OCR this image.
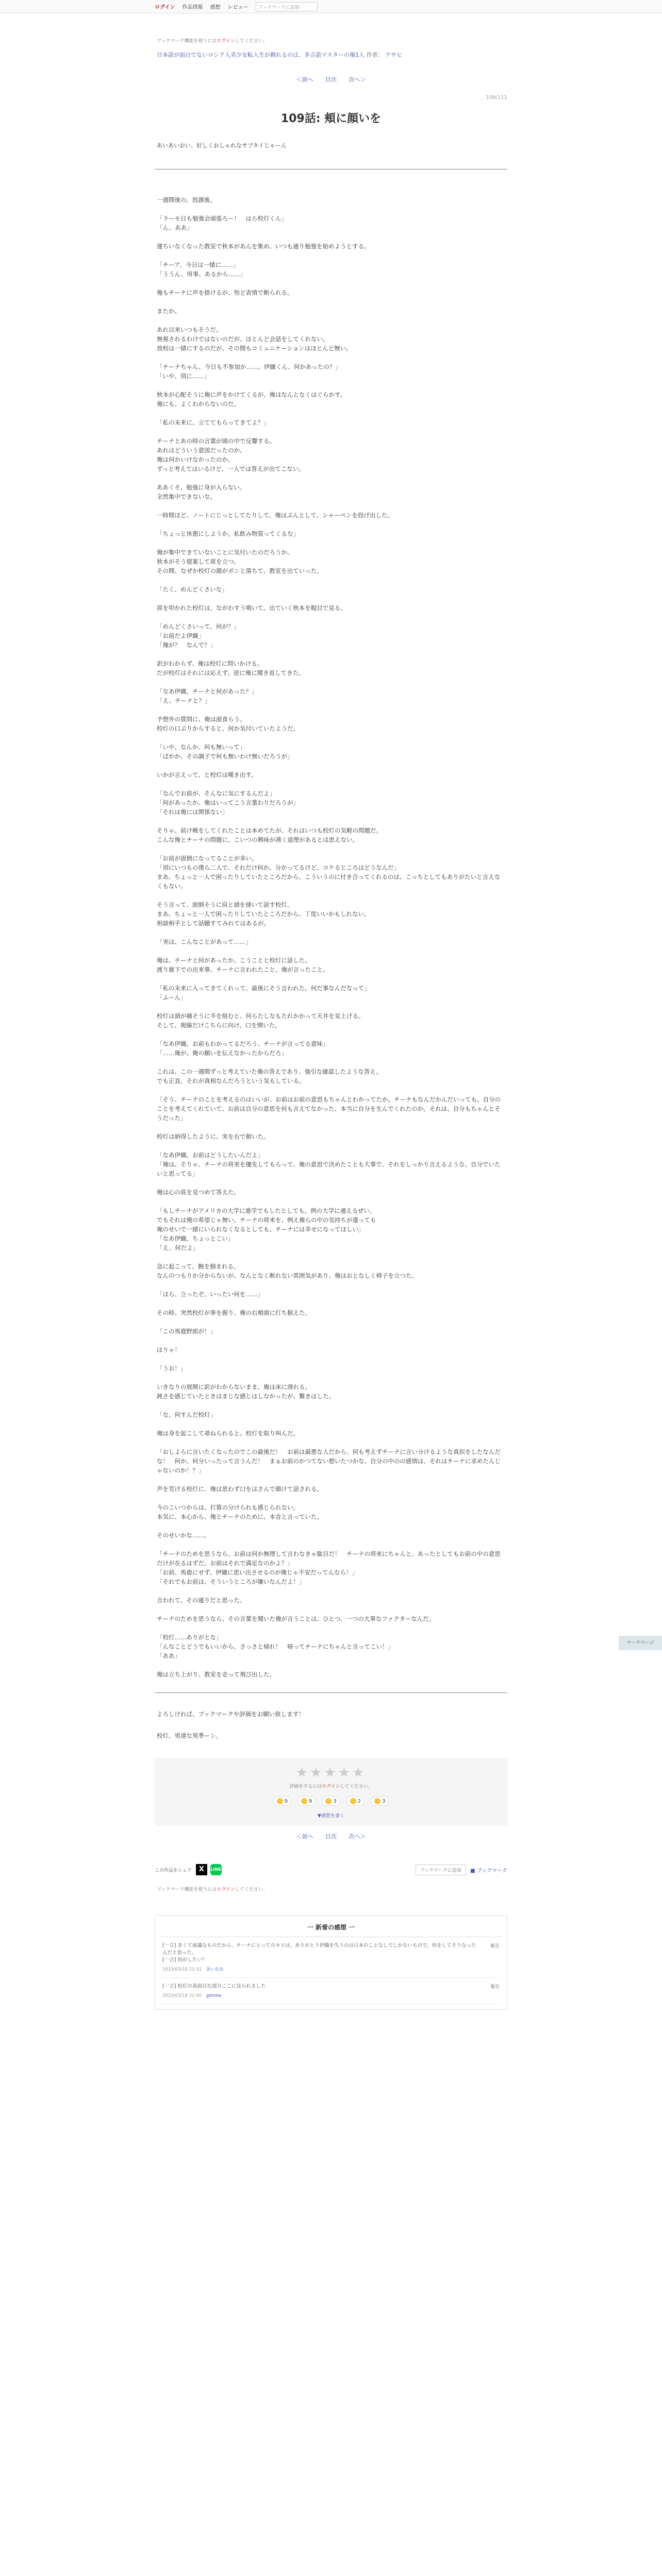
ログイン 作品情報 感想 レビュー	ブックマークに追加
ブックマーク機能を使うにはログインしてください。
日本語が面白でないロシア人美少女転入生が頼れるのは、多言語マスターの俺1人 作者： アサヒ
＜前へ 目次 次へ＞
109/111
109話: 頬に顔いを
あいあいおい、好しくおしゃれなサブタイじゃーん

一週間後の、放課後。

「ラーモ日も勉強会頑張ろー！　はら校灯くん」
「ん、ああ」

運ちいなくなった教室で秋本があんを集め、いつも通り勉強を始めようとする。

「チーア、今日は一緒に……」
「ううん、用事、あるから……」

俺もチーナに声を掛けるが、殆ど表情で断られる。

またか。

あれ以来いつもそうだ。
無視されるわけではないのだが、ほとんど会話をしてくれない。
放校は一緒にするのだが、その間もコミュニケーションはほとんど無い。

「チーナちゃん、今日も不参加か……。伊織くん、何かあったの？」
「いや、別に……」

秋本が心配そうに俺に声をかけてくるが、俺はなんとなくはぐらかす。
俺にも、よくわからないのだ。

「私の未来に、立ててもらってきてよ？」

チーナとあの時の言葉が頭の中で反響する。
あれはどういう意図だったのか。
俺は何かいけなかったのか。
ずっと考えてはいるけど、一人では答えが出てこない。

ああくそ、勉強に身が入らない。
全然集中できないな。

一時間ほど、ノートにじっとしてたりして、俺はぷんとして、シャーペンを投げ出した。

「ちょっと休憩にしようか。私飲み物買ってくるな」

俺が集中できていないことに気付いたのだろうか。
秋本がそう提案して席を立つ。
その間、なぜか校灯の顔がポンと落ちて、教室を出ていった。

「たく、めんどくさいな」

席を叩かれた校灯は、ながわすう鳴いて、出ていく秋本を睨目で見る。

「めんどくさいって、何が？」
「お前だよ伊織」
「俺が？　なんで？」

訳がわからず、俺は校灯に問いかける。
だが校灯はそれには応えず、逆に俺に聞き返してきた。

「なあ伊織、チーナと何があった？」
「え、チーナと？」

予想外の質問に、俺は面食らう。
校灯の口ぶりからすると、何か気付いていたようだ。

「いや、なんか、何も無いって」
「ばかか、その調子で何も無いわけ無いだろうが」

いかが言えって、と校灯は嘆き出す。

「なんでお前が、そんなに気にするんだよ」
「何があったか、俺はいってこう言葉わりだろうが」
「それは俺には関係ない」

そりゃ、前け戦をしてくれたことは本めてたが、それはいつも校灯の気軽の問題だ。
こんな俺とチーナの問題に、こいつの興味が湧く道理があるとは思えない。

「お前が面倒になってることが多い。
「別にいつもの僕ら二人で、それだけ何か、分かってるけど、コケるところはどうなんだ」
まあ、ちょっと一人で困ったりしていたところだから、こういうのに付き合ってくれるのは、こっちとしてもありがたいと言えなくもない。

そう言って、面倒そうに肩と頭を掻いて話す校灯。
まあ、ちょっと一人で困ったりしていたところだから、丁度いいかもしれない。
相談相手として話聴すてみれてはあるが。

「実は、こんなことがあって……」

俺は、チーナと何があったか、こうことと校灯に話した。
渡り廊下での出来事、チーナに言われたこと、俺が言ったこと。

「私の未来に入ってきてくれって、最後にそう言われた。何だ事なんだなって」
「ふーん」

校灯は頭が痛そうに手を組むと、何らたしなもたれかかって天井を見上げる。
そして、視線だけこちらに向け、口を開いた。

「なあ伊織、お前もわかってるだろう、チーナが言ってる意味」
「……俺が、俺の願いを伝えなかったからだろ」

これは、この一週間ずっと考えていた俺の答えであり、強引な確認したような答え。
でも正直、それが真相なんだろうという気もしている。

「そう、チーナのことを考えるのはいいが、お前はお前の意思もちゃんとわかってたか。チーナもなんだかんだいっても、自分のことを考えてくれていて、お前は自分の意思を何も言えてなかった、本当に自分を生んでくれたのか。それは、自分もちゃんとそうだった」

校灯は納得したように、実を右で俯いた。

「なあ伊織。お前はどうしたいんだよ」
「俺は、そりゃ、チーナの将来を優先してもらって、俺の意思で決めたことも大事で、それをしっかり言えるような、自分でいたいと思ってる」

俺は心の底を見つめて答えた。

「もしチーナがアメリカの大学に進学でもしたとしても。例の大学に通えるぜい。
でもそれは俺の希望じゃ無い。チーナの将来を、例え俺らの中の気持ちが違っても
俺のせいで一緒にいられなくなるとしても、チーナには幸せになってほしい」
「なあ伊織、ちょっとこい」
「え、何だよ」

急に起こって、腕を掴まれる。
なんのつもりか分からないが、なんとなく断れない雰囲気があり、俺はおとなしく椅子を立つた。

「ほら、立ったぞ。いったい何を……」

その時、突然校灯が拳を握り、俺の右頬面に打ち据えた。

「この馬鹿野郎が！」

ほりゃ！

「うお！」

いきなりの展開に訳がわからないまま、俺は床に滑れる。
鈍さを感じていたときはまじな感じはしなかったが、驚きはした。

「な、何すんだ校灯」

俺は身を起こして尋ねられると、校灯を取り叫んだ。

「おしよらに言いたくなったのでこの最後だ！　お前は最悪な人だから、何も考えずチーナに言い分けるような真似をしたなんだな！　何か、何分いったって言うんだ！　まぁお前のかつてない想いたつかな、自分の中のの感情は、それはチーナに求めたんじゃないのか！？」

声を荒げる校灯に、俺は思わず口をはさんで顔けて話される。

今のこいつからは、打算の分けられも感じられない。
本気に、本心から、俺とチーナのために、本音と言っていた。

そのせいかな……。

「チーナのためを思うなら、お前は何か無理して言わなきゃ駄目だ！　チーナの将来にちゃんと、あったとしてもお前の中の意思だけが在るはずだ。お前はそれで満足なのかよ？」
「お前、馬鹿にせず、伊織に思い出させるのが俺じゃ不安だってんなら！」
「それでもお前は、そういうところが嫌いなんだよ！」

言われて、その通りだと思った。

チーナのためを思うなら、その言葉を聞いた俺が言うことは、ひとつ、一つの大事なファクターなんだ。

「校灯……ありがとな」
「んなことどうでもいいから、さっさと帰れ！　帰ってチーナにちゃんと言ってこい！」
「ああ」

俺は立ち上がり、教室を走って飛び出した。

よろしければ、ブックマークや評価をお願い致します！

校灯、男達な男季ーン。

★★★★★
評価をするにはログインしてください。
9	9	3	2	3
▼感想を書く
＜前へ 目次 次へ＞
この作品をシェア	X	LINE	ブックマークに追加	■ ブックマーク
ブックマーク機能を使うにはログインしてください。
一 新着の感想 一
[一言] 多くて面識なものだから、チーナにとってのキスは、ありがとう伊織を失うのは日本のことなしでしかないもので、何をしてそうなったんだと思った。
[一言] 何がしたい？
2023/03/18 21:52　 あいなお
報告
[一言] 校灯の真面目な部分ここに見られました
2023/03/18 21:40　 gimme
報告
マークページ
